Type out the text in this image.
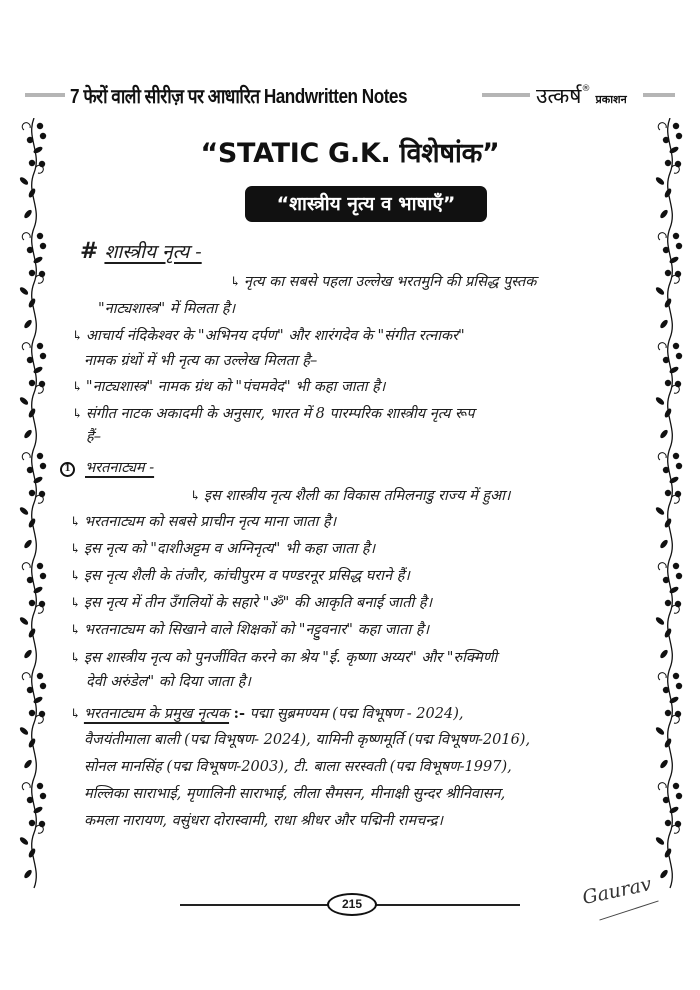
7 फेरों वाली सीरीज़ पर आधारित Handwritten Notes	उत्कर्ष® प्रकाशन
“STATIC G.K. विशेषांक”
“शास्त्रीय नृत्य व भाषाएँ”
# शास्त्रीय नृत्य -
↳ नृत्य का सबसे पहला उल्लेख भरतमुनि की प्रसिद्ध पुस्तक
"नाट्यशास्त्र" में मिलता है।
↳ आचार्य नंदिकेश्वर के "अभिनय दर्पण" और शारंगदेव के "संगीत रत्नाकर"
नामक ग्रंथों में भी नृत्य का उल्लेख मिलता है–
↳ "नाट्यशास्त्र" नामक ग्रंथ को "पंचमवेद" भी कहा जाता है।
↳ संगीत नाटक अकादमी के अनुसार, भारत में 8 पारम्परिक शास्त्रीय नृत्य रूप
हैं–
1 भरतनाट्यम -
↳ इस शास्त्रीय नृत्य शैली का विकास तमिलनाडु राज्य में हुआ।
↳ भरतनाट्यम को सबसे प्राचीन नृत्य माना जाता है।
↳ इस नृत्य को "दाशीअट्टम व अग्निनृत्य" भी कहा जाता है।
↳ इस नृत्य शैली के तंजौर, कांचीपुरम व पण्डरनूर प्रसिद्ध घराने हैं।
↳ इस नृत्य में तीन उँगलियों के सहारे "ॐ" की आकृति बनाई जाती है।
↳ भरतनाट्यम को सिखाने वाले शिक्षकों को "नट्टुवनार" कहा जाता है।
↳ इस शास्त्रीय नृत्य को पुनर्जीवित करने का श्रेय "ई. कृष्णा अय्यर" और "रुक्मिणी
देवी अरुंडेल" को दिया जाता है।
↳ भरतनाट्यम के प्रमुख नृत्यक :- पद्मा सुब्रमण्यम (पद्म विभूषण - 2024),
वैजयंतीमाला बाली (पद्म विभूषण- 2024), यामिनी कृष्णमूर्ति (पद्म विभूषण-2016),
सोनल मानसिंह (पद्म विभूषण-2003), टी. बाला सरस्वती (पद्म विभूषण-1997),
मल्लिका साराभाई, मृणालिनी साराभाई, लीला सैमसन, मीनाक्षी सुन्दर श्रीनिवासन,
कमला नारायण, वसुंधरा दोरास्वामी, राधा श्रीधर और पद्मिनी रामचन्द्र।
215	Gaurav
